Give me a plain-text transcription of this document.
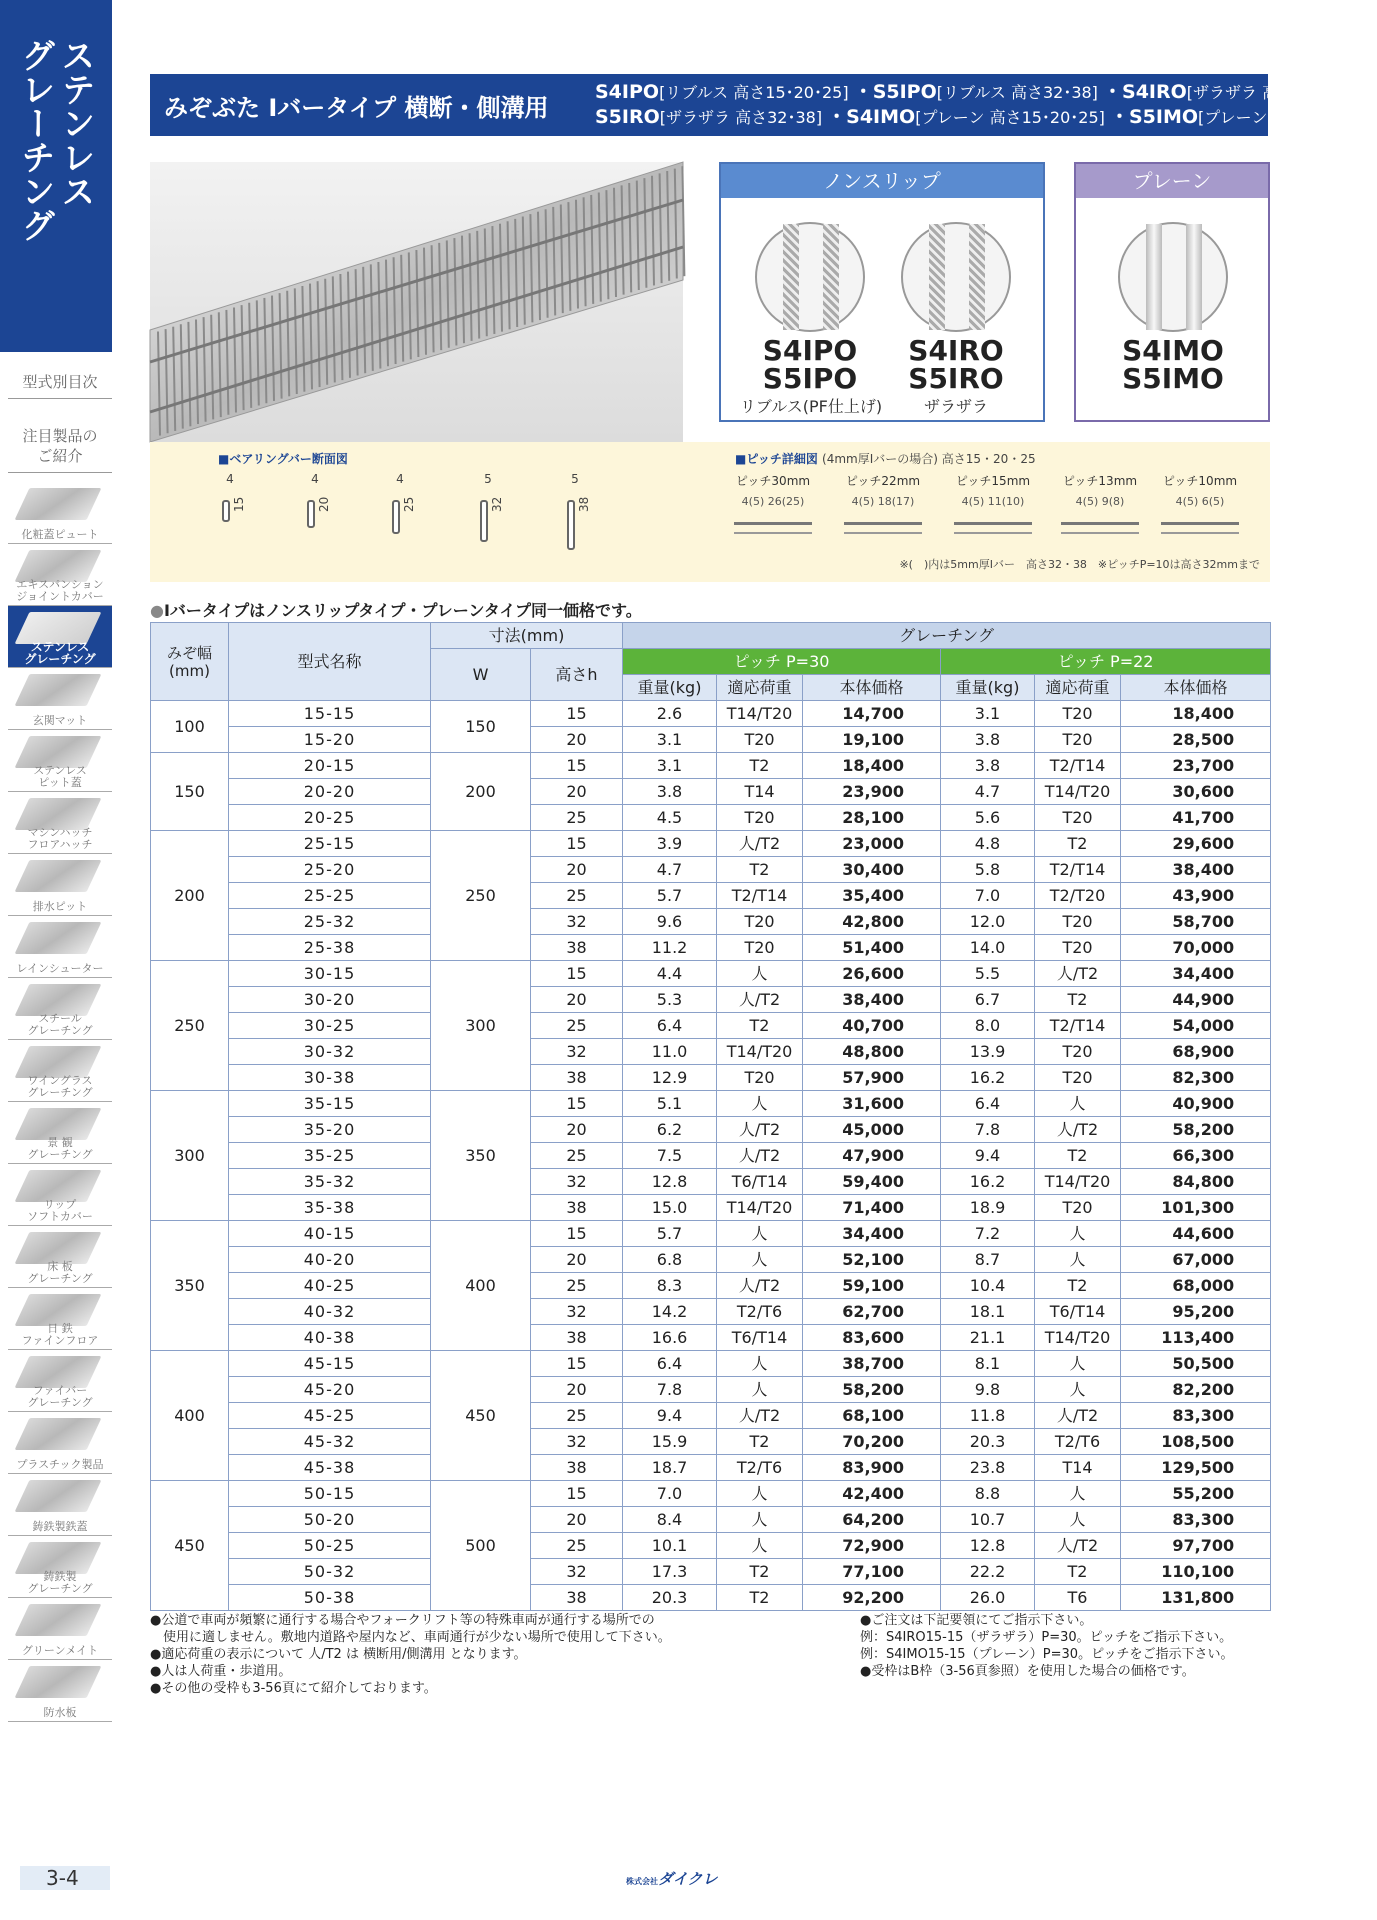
ステンレス
グレーチング
型式別目次
注目製品の
ご紹介
化粧蓋ピュート
エキスパンション
ジョイントカバー
ステンレス
グレーチング
玄関マット
ステンレス
ピット蓋
マシンハッチ
フロアハッチ
排水ピット
レインシューター
スチール
グレーチング
ワイングラス
グレーチング
景 観
グレーチング
リップ
ソフトカバー
床 板
グレーチング
日 鉄
ファインフロア
ファイバー
グレーチング
プラスチック製品
鋳鉄製鉄蓋
鋳鉄製
グレーチング
グリーンメイト
防水板
みぞぶた Ⅰバータイプ 横断・側溝用
S4IPO[リブルス 高さ15･20･25] ・S5IPO[リブルス 高さ32･38] ・S4IRO[ザラザラ 高さ15･20･25]
S5IRO[ザラザラ 高さ32･38] ・S4IMO[プレーン 高さ15･20･25] ・S5IMO[プレーン 高さ32･38]
ノンスリップ
S4IPO
S5IPO
リブルス(PF仕上げ)
S4IRO
S5IRO
ザラザラ
プレーン
S4IMO
S5IMO
■ベアリングバー断面図	■ピッチ詳細図 (4mm厚Ⅰバーの場合) 高さ15・20・25
4
15
4
20
4
25
5
32
5
38
ピッチ30mm
4(5) 26(25)
ピッチ22mm
4(5) 18(17)
ピッチ15mm
4(5) 11(10)
ピッチ13mm
4(5) 9(8)
ピッチ10mm
4(5) 6(5)
※(　)内は5mm厚Ⅰバー　高さ32・38　※ピッチP=10は高さ32mmまで
●Ⅰバータイプはノンスリップタイプ・プレーンタイプ同一価格です。
みぞ幅(mm)	型式名称	寸法(mm)		グレーチング					
		W	高さh	ピッチ P=30			ピッチ P=22		
				重量(kg)	適応荷重	本体価格	重量(kg)	適応荷重	本体価格
100	15-15	150	15	2.6	T14/T20	14,700	3.1	T20	18,400
	15-20		20	3.1	T20	19,100	3.8	T20	28,500
150	20-15	200	15	3.1	T2	18,400	3.8	T2/T14	23,700
	20-20		20	3.8	T14	23,900	4.7	T14/T20	30,600
	20-25		25	4.5	T20	28,100	5.6	T20	41,700
200	25-15	250	15	3.9	人/T2	23,000	4.8	T2	29,600
	25-20		20	4.7	T2	30,400	5.8	T2/T14	38,400
	25-25		25	5.7	T2/T14	35,400	7.0	T2/T20	43,900
	25-32		32	9.6	T20	42,800	12.0	T20	58,700
	25-38		38	11.2	T20	51,400	14.0	T20	70,000
250	30-15	300	15	4.4	人	26,600	5.5	人/T2	34,400
	30-20		20	5.3	人/T2	38,400	6.7	T2	44,900
	30-25		25	6.4	T2	40,700	8.0	T2/T14	54,000
	30-32		32	11.0	T14/T20	48,800	13.9	T20	68,900
	30-38		38	12.9	T20	57,900	16.2	T20	82,300
300	35-15	350	15	5.1	人	31,600	6.4	人	40,900
	35-20		20	6.2	人/T2	45,000	7.8	人/T2	58,200
	35-25		25	7.5	人/T2	47,900	9.4	T2	66,300
	35-32		32	12.8	T6/T14	59,400	16.2	T14/T20	84,800
	35-38		38	15.0	T14/T20	71,400	18.9	T20	101,300
350	40-15	400	15	5.7	人	34,400	7.2	人	44,600
	40-20		20	6.8	人	52,100	8.7	人	67,000
	40-25		25	8.3	人/T2	59,100	10.4	T2	68,000
	40-32		32	14.2	T2/T6	62,700	18.1	T6/T14	95,200
	40-38		38	16.6	T6/T14	83,600	21.1	T14/T20	113,400
400	45-15	450	15	6.4	人	38,700	8.1	人	50,500
	45-20		20	7.8	人	58,200	9.8	人	82,200
	45-25		25	9.4	人/T2	68,100	11.8	人/T2	83,300
	45-32		32	15.9	T2	70,200	20.3	T2/T6	108,500
	45-38		38	18.7	T2/T6	83,900	23.8	T14	129,500
450	50-15	500	15	7.0	人	42,400	8.8	人	55,200
	50-20		20	8.4	人	64,200	10.7	人	83,300
	50-25		25	10.1	人	72,900	12.8	人/T2	97,700
	50-32		32	17.3	T2	77,100	22.2	T2	110,100
	50-38		38	20.3	T2	92,200	26.0	T6	131,800
●公道で車両が頻繁に通行する場合やフォークリフト等の特殊車両が通行する場所での
　使用に適しません。敷地内道路や屋内など、車両通行が少ない場所で使用して下さい。
●適応荷重の表示について 人/T2 は 横断用/側溝用 となります。
●人は人荷重・歩道用。
●その他の受枠も3-56頁にて紹介しております。
●ご注文は下記要領にてご指示下さい。
例：S4IRO15-15（ザラザラ）P=30。ピッチをご指示下さい。
例：S4IMO15-15（プレーン）P=30。ピッチをご指示下さい。
●受枠はB枠（3-56頁参照）を使用した場合の価格です。
3-4	株式会社ダイクレ
